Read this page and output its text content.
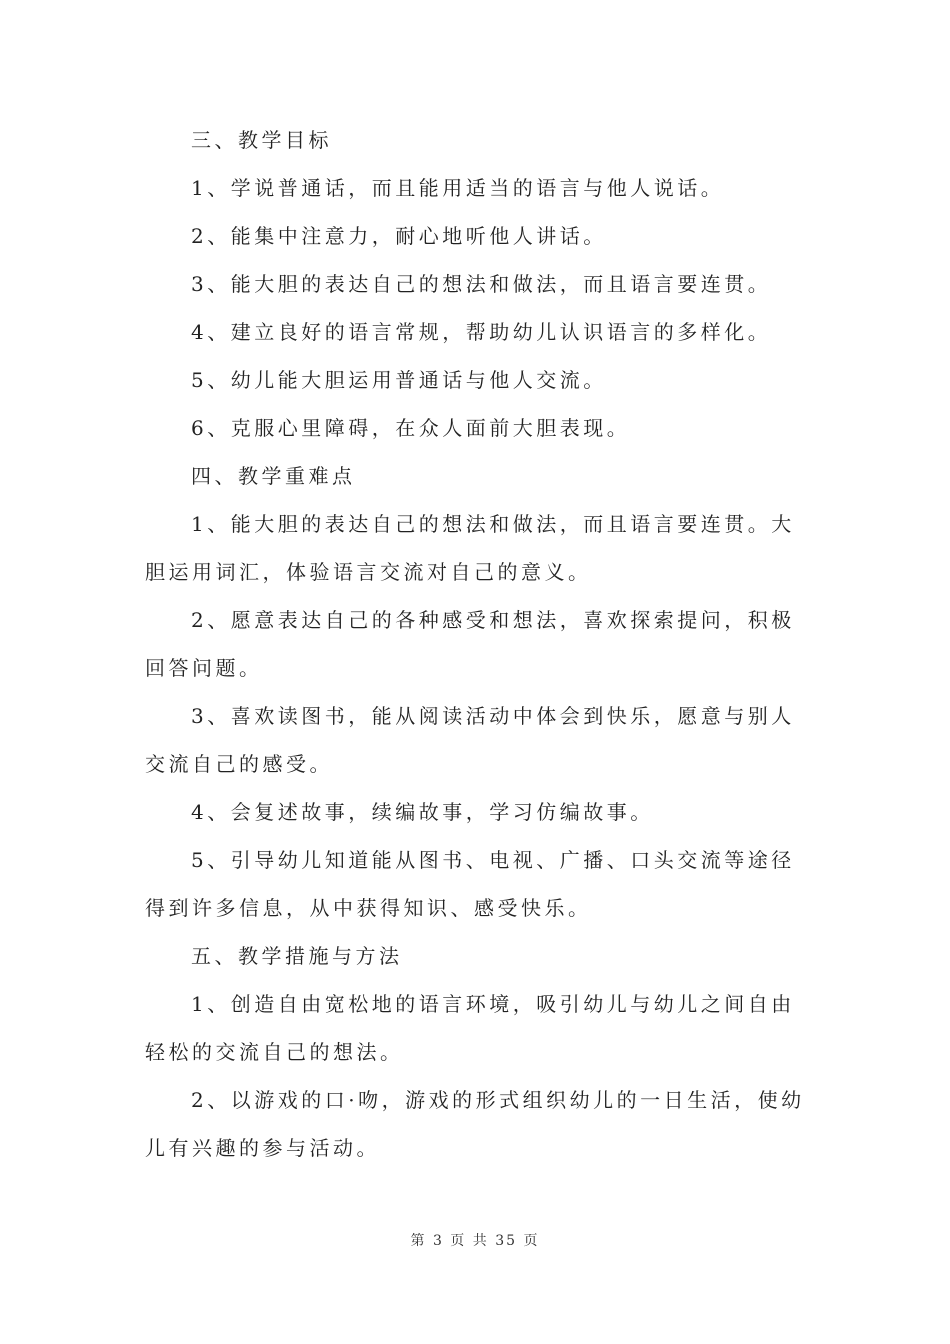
三、教学目标

1、学说普通话，而且能用适当的语言与他人说话。

2、能集中注意力，耐心地听他人讲话。

3、能大胆的表达自己的想法和做法，而且语言要连贯。

4、建立良好的语言常规，帮助幼儿认识语言的多样化。

5、幼儿能大胆运用普通话与他人交流。

6、克服心里障碍，在众人面前大胆表现。

四、教学重难点

1、能大胆的表达自己的想法和做法，而且语言要连贯。大胆运用词汇，体验语言交流对自己的意义。

2、愿意表达自己的各种感受和想法，喜欢探索提问，积极回答问题。

3、喜欢读图书，能从阅读活动中体会到快乐，愿意与别人交流自己的感受。

4、会复述故事，续编故事，学习仿编故事。

5、引导幼儿知道能从图书、电视、广播、口头交流等途径得到许多信息，从中获得知识、感受快乐。

五、教学措施与方法

1、创造自由宽松地的语言环境，吸引幼儿与幼儿之间自由轻松的交流自己的想法。

2、以游戏的口·吻，游戏的形式组织幼儿的一日生活，使幼儿有兴趣的参与活动。

第 3 页 共 35 页
